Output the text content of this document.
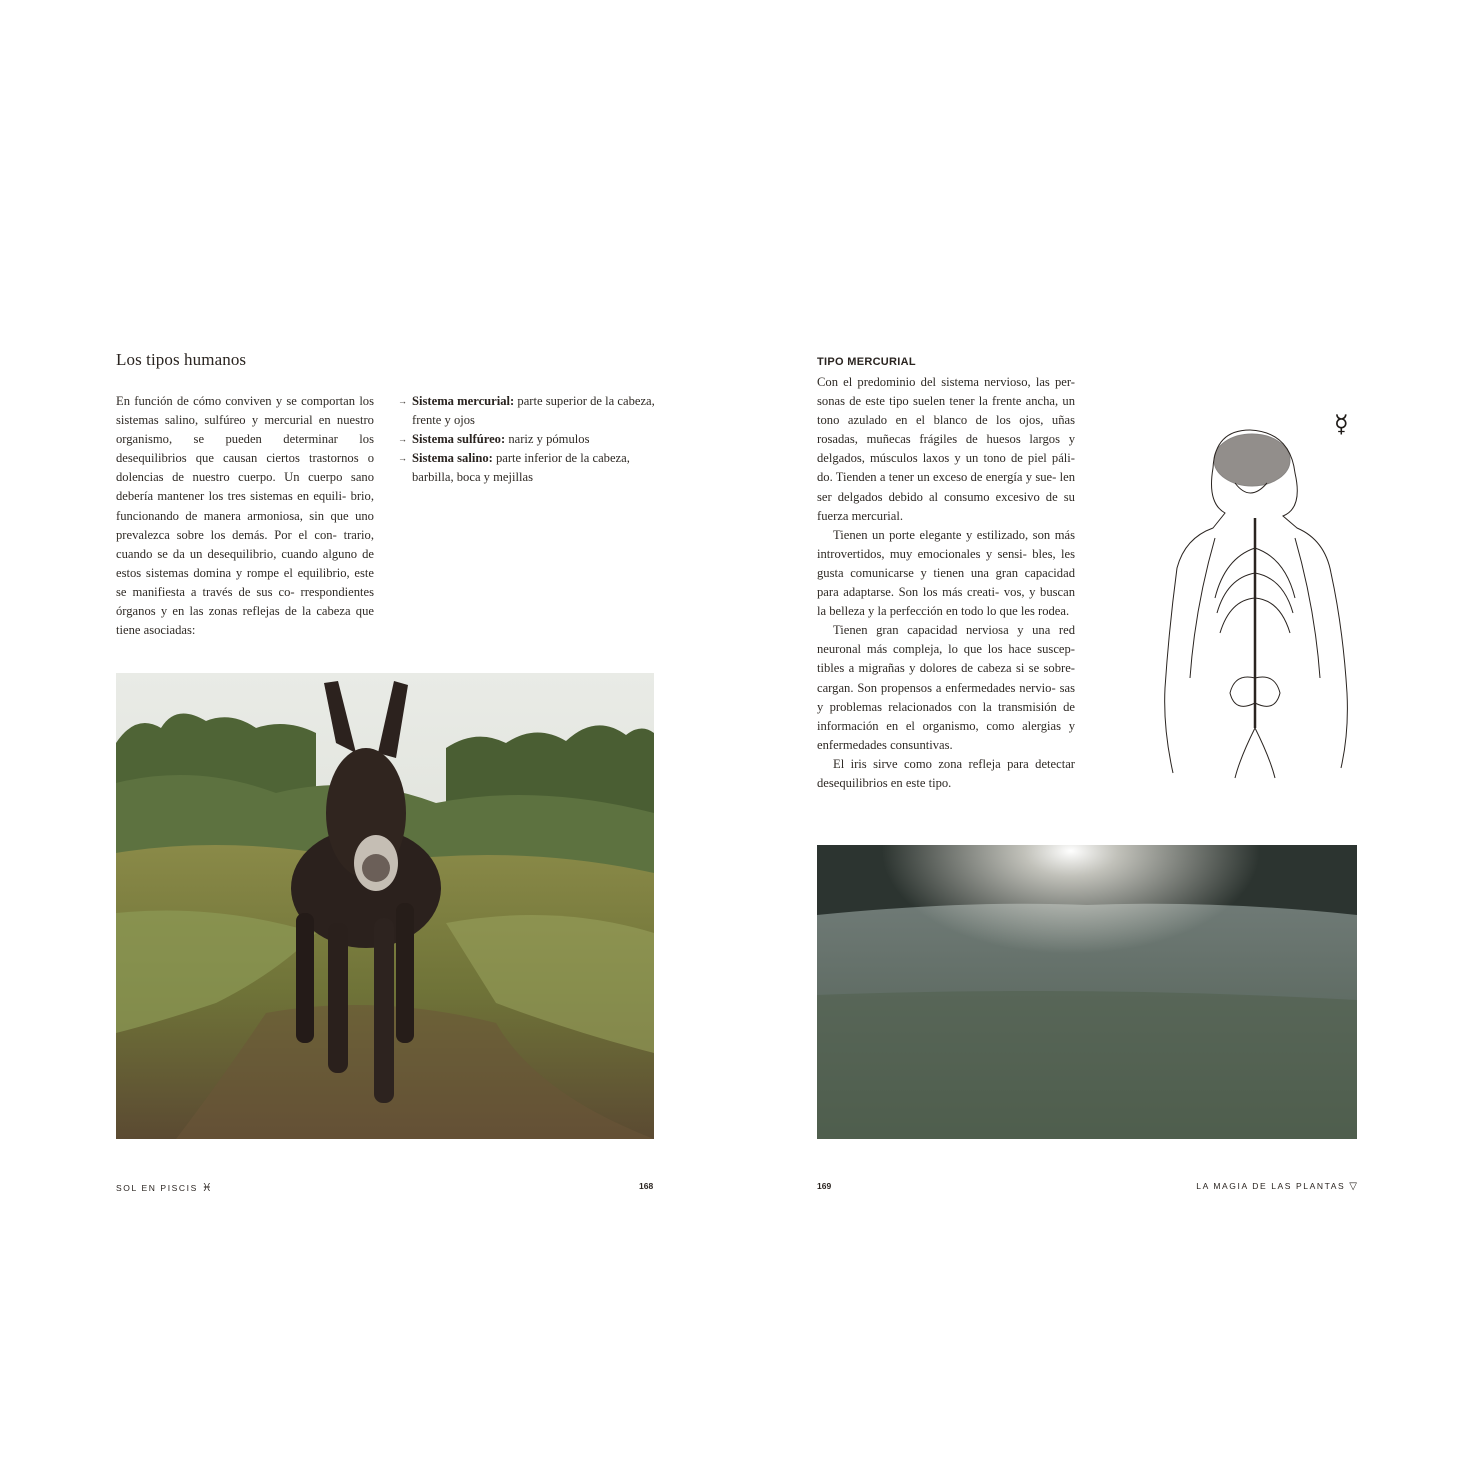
Los tipos humanos
En función de cómo conviven y se comportan los sistemas salino, sulfúreo y mercurial en nuestro organismo, se pueden determinar los desequilibrios que causan ciertos trastornos o dolencias de nuestro cuerpo. Un cuerpo sano debería mantener los tres sistemas en equili- brio, funcionando de manera armoniosa, sin que uno prevalezca sobre los demás. Por el con- trario, cuando se da un desequilibrio, cuando alguno de estos sistemas domina y rompe el equilibrio, este se manifiesta a través de sus co- rrespondientes órganos y en las zonas reflejas de la cabeza que tiene asociadas:
→ Sistema mercurial: parte superior de la cabeza, frente y ojos
→ Sistema sulfúreo: nariz y pómulos
→ Sistema salino: parte inferior de la cabeza, barbilla, boca y mejillas
SOL EN PISCIS ♓	168
TIPO MERCURIAL

Con el predominio del sistema nervioso, las per- sonas de este tipo suelen tener la frente ancha, un tono azulado en el blanco de los ojos, uñas rosadas, muñecas frágiles de huesos largos y delgados, músculos laxos y un tono de piel páli- do. Tienden a tener un exceso de energía y sue- len ser delgados debido al consumo excesivo de su fuerza mercurial.

Tienen un porte elegante y estilizado, son más introvertidos, muy emocionales y sensi- bles, les gusta comunicarse y tienen una gran capacidad para adaptarse. Son los más creati- vos, y buscan la belleza y la perfección en todo lo que les rodea.

Tienen gran capacidad nerviosa y una red neuronal más compleja, lo que los hace suscep- tibles a migrañas y dolores de cabeza si se sobre- cargan. Son propensos a enfermedades nervio- sas y problemas relacionados con la transmisión de información en el organismo, como alergias y enfermedades consuntivas.

El iris sirve como zona refleja para detectar desequilibrios en este tipo.

☿
169	LA MAGIA DE LAS PLANTAS ▽
